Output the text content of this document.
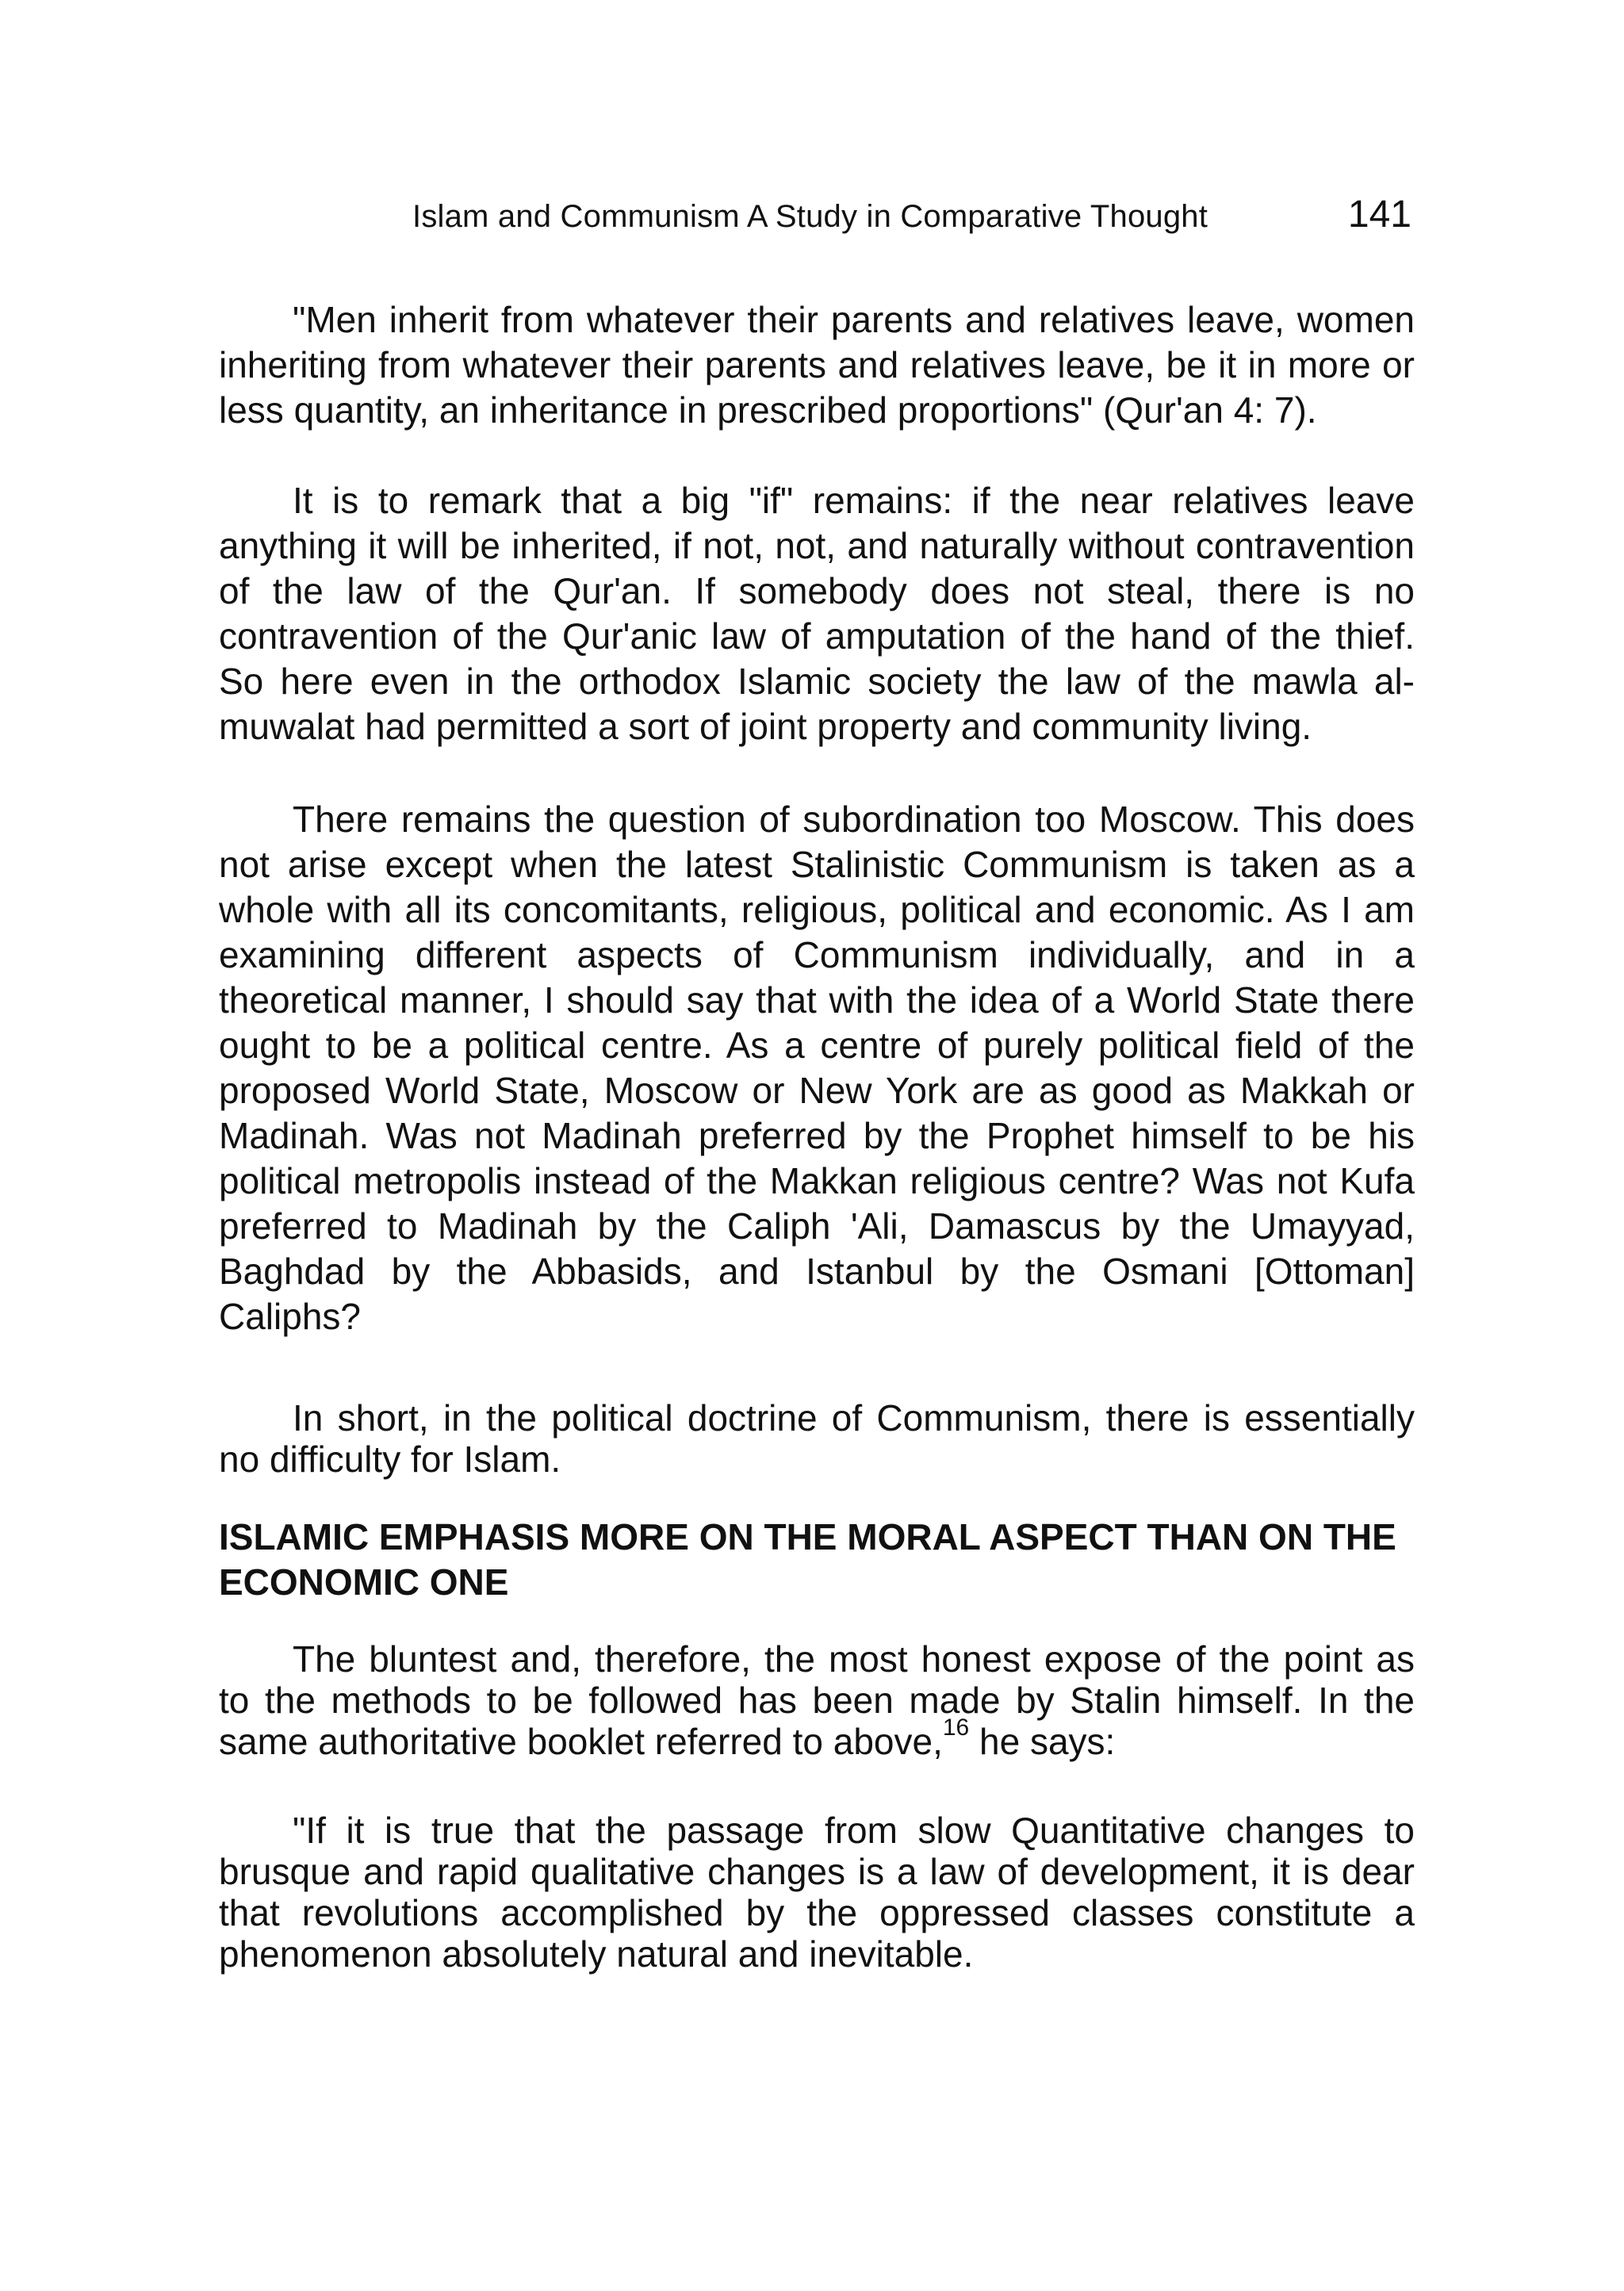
Islam and Communism A Study in Comparative Thought	141

"Men inherit from whatever their parents and relatives leave, women inheriting from whatever their parents and relatives leave, be it in more or less quantity, an inheritance in prescribed proportions" (Qur'an 4: 7).

It is to remark that a big "if" remains: if the near relatives leave anything it will be inherited, if not, not, and naturally without contravention of the law of the Qur'an. If somebody does not steal, there is no contravention of the Qur'anic law of amputation of the hand of the thief. So here even in the orthodox Islamic society the law of the mawla al-muwalat had permitted a sort of joint property and community living.

There remains the question of subordination too Moscow. This does not arise except when the latest Stalinistic Communism is taken as a whole with all its concomitants, religious, political and economic. As I am examining different aspects of Communism individually, and in a theoretical manner, I should say that with the idea of a World State there ought to be a political centre. As a centre of purely political field of the proposed World State, Moscow or New York are as good as Makkah or Madinah. Was not Madinah preferred by the Prophet himself to be his political metropolis instead of the Makkan religious centre? Was not Kufa preferred to Madinah by the Caliph 'Ali, Damascus by the Umayyad, Baghdad by the Abbasids, and Istanbul by the Osmani [Ottoman] Caliphs?

In short, in the political doctrine of Communism, there is essentially no difficulty for Islam.

ISLAMIC EMPHASIS MORE ON THE MORAL ASPECT THAN ON THE ECONOMIC ONE

The bluntest and, therefore, the most honest expose of the point as to the methods to be followed has been made by Stalin himself. In the same authoritative booklet referred to above,$^{16}$ he says:

"If it is true that the passage from slow Quantitative changes to brusque and rapid qualitative changes is a law of development, it is dear that revolutions accomplished by the oppressed classes constitute a phenomenon absolutely natural and inevitable.
